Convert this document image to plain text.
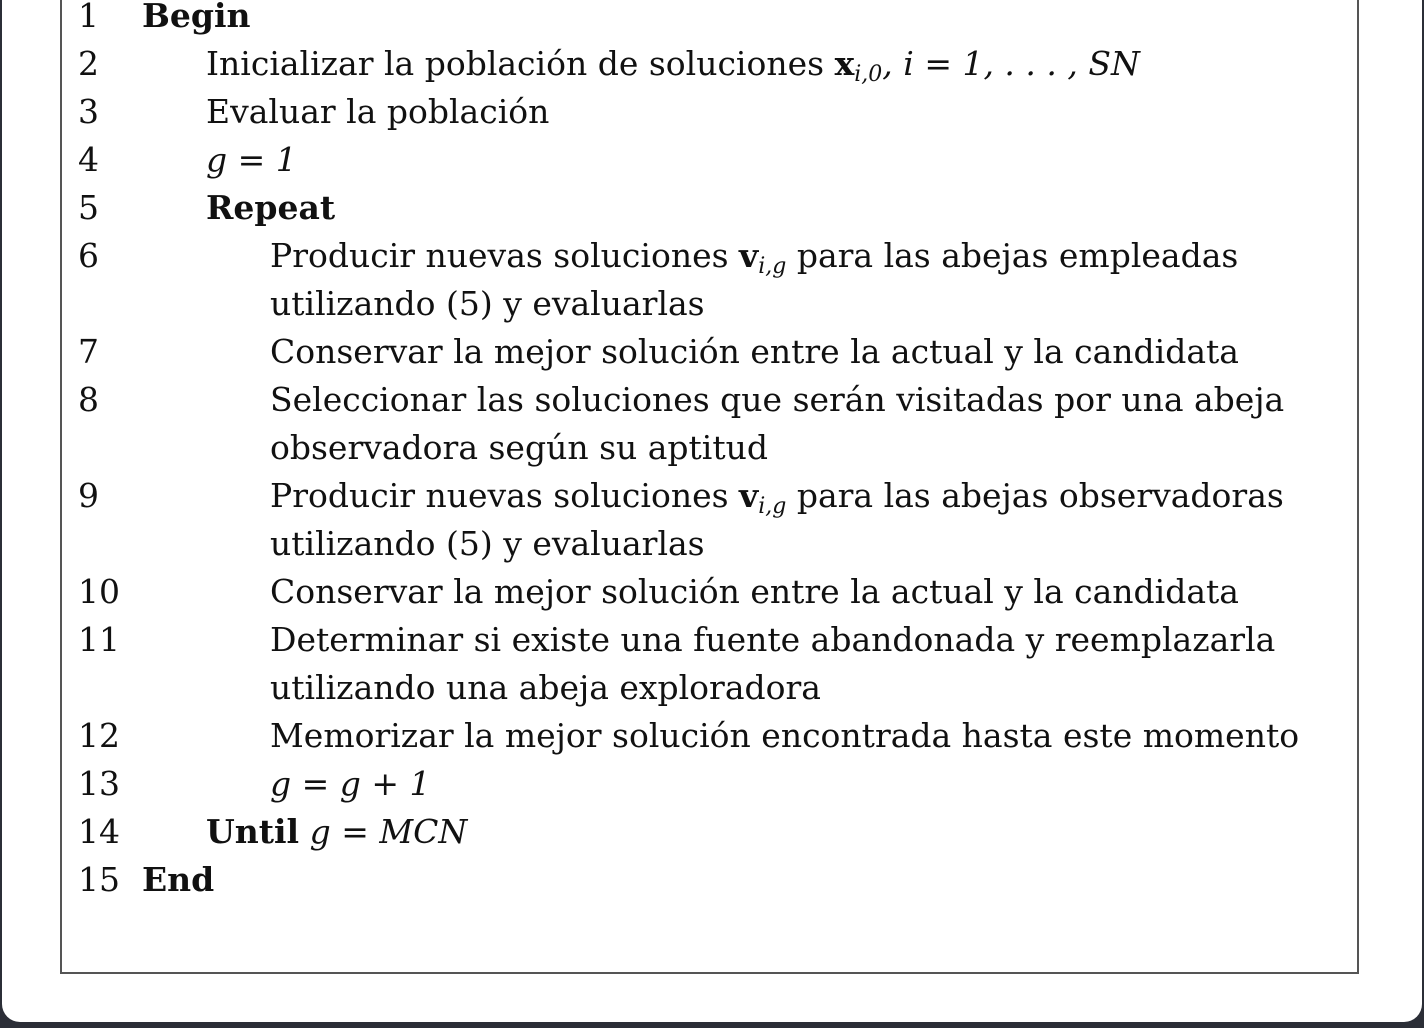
1	Begin
2	Inicializar la población de soluciones $x_{i,0}$, i = 1, . . . , SN
3	Evaluar la población
4	g = 1
5	Repeat
6	Producir nuevas soluciones $v_{i,g}$ para las abejas empleadas
utilizando (5) y evaluarlas
7	Conservar la mejor solución entre la actual y la candidata
8	Seleccionar las soluciones que serán visitadas por una abeja
observadora según su aptitud
9	Producir nuevas soluciones $v_{i,g}$ para las abejas observadoras
utilizando (5) y evaluarlas
10	Conservar la mejor solución entre la actual y la candidata
11	Determinar si existe una fuente abandonada y reemplazarla
utilizando una abeja exploradora
12	Memorizar la mejor solución encontrada hasta este momento
13	g = g + 1
14	Until g = MCN
15 End
